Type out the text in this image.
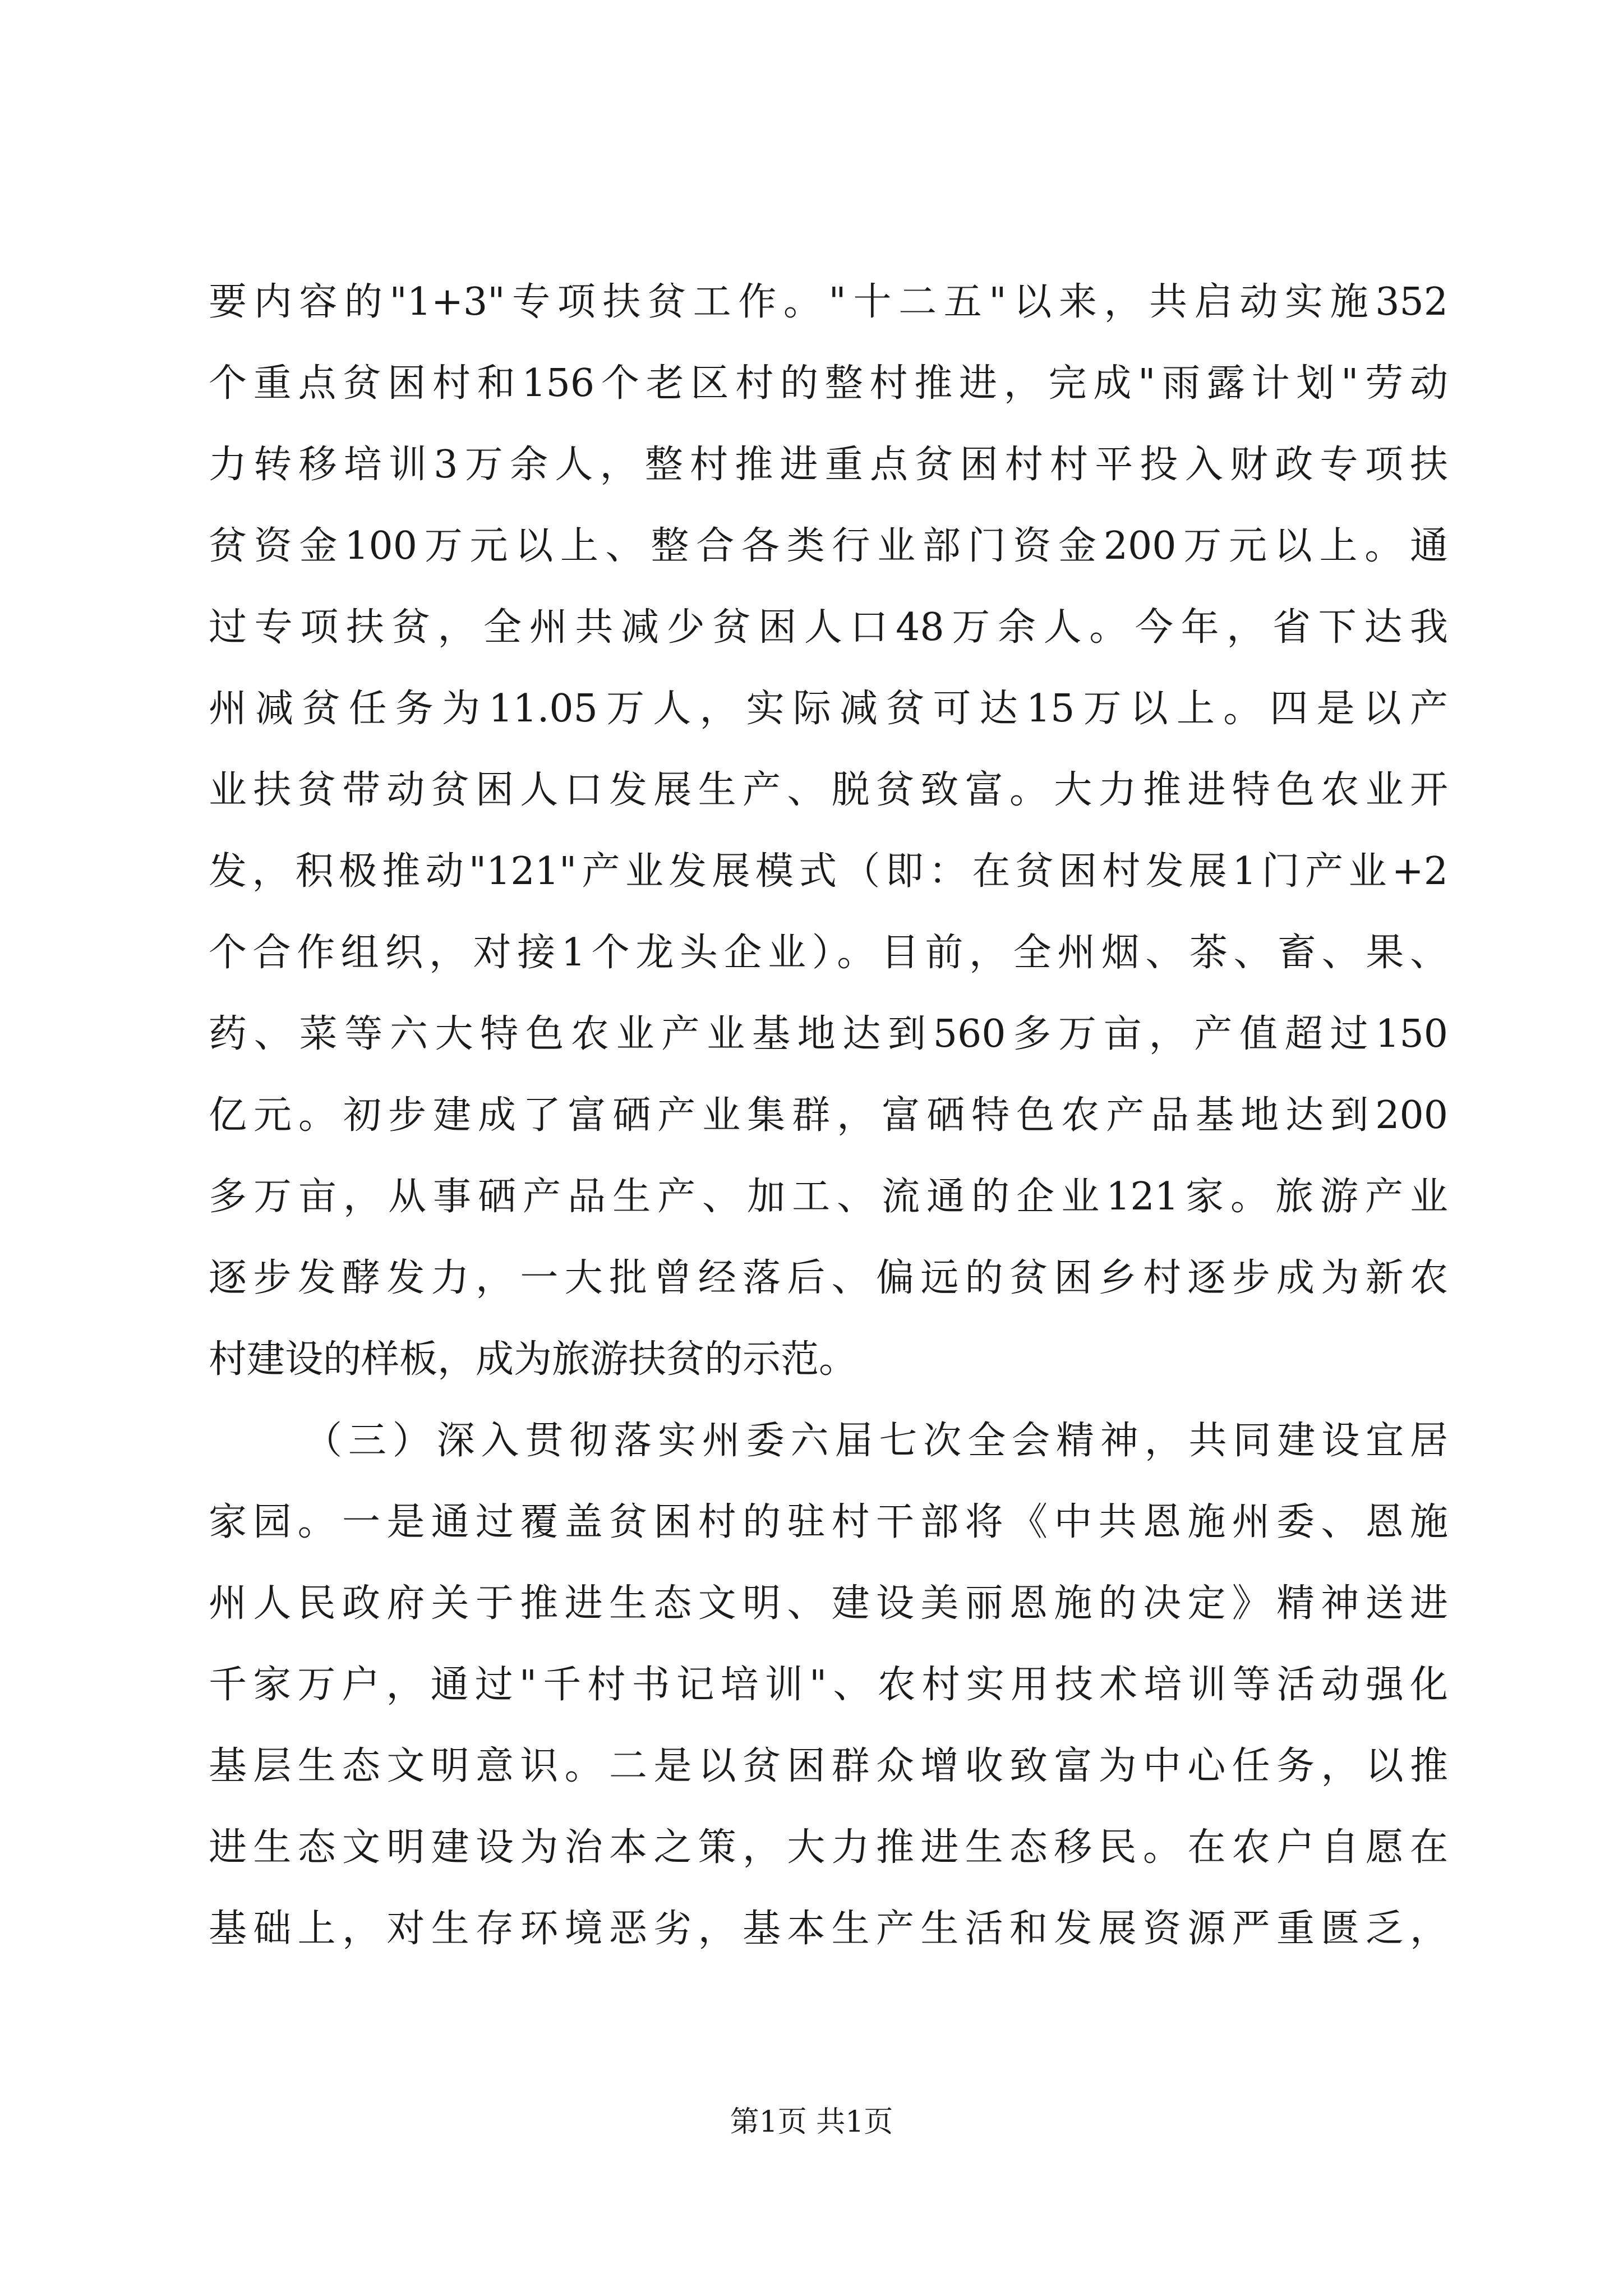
要内容的"1+3"专项扶贫工作。"十二五"以来，共启动实施352
个重点贫困村和156个老区村的整村推进，完成"雨露计划"劳动
力转移培训3万余人，整村推进重点贫困村村平投入财政专项扶
贫资金100万元以上、整合各类行业部门资金200万元以上。通
过专项扶贫，全州共减少贫困人口48万余人。今年，省下达我
州减贫任务为11.05万人，实际减贫可达15万以上。四是以产
业扶贫带动贫困人口发展生产、脱贫致富。大力推进特色农业开
发，积极推动"121"产业发展模式（即：在贫困村发展1门产业+2
个合作组织，对接1个龙头企业）。目前，全州烟、茶、畜、果、
药、菜等六大特色农业产业基地达到560多万亩，产值超过150
亿元。初步建成了富硒产业集群，富硒特色农产品基地达到200
多万亩，从事硒产品生产、加工、流通的企业121家。旅游产业
逐步发酵发力，一大批曾经落后、偏远的贫困乡村逐步成为新农
村建设的样板，成为旅游扶贫的示范。
（三）深入贯彻落实州委六届七次全会精神，共同建设宜居
家园。一是通过覆盖贫困村的驻村干部将《中共恩施州委、恩施
州人民政府关于推进生态文明、建设美丽恩施的决定》精神送进
千家万户，通过"千村书记培训"、农村实用技术培训等活动强化
基层生态文明意识。二是以贫困群众增收致富为中心任务，以推
进生态文明建设为治本之策，大力推进生态移民。在农户自愿在
基础上，对生存环境恶劣，基本生产生活和发展资源严重匮乏，
第1页 共1页
